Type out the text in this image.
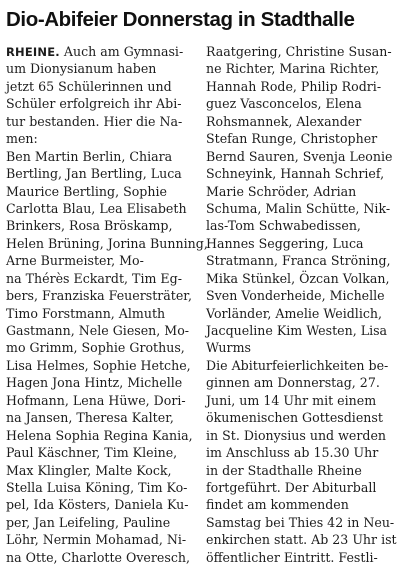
Dio-Abifeier Donnerstag in Stadthalle
RHEINE. Auch am Gymnasi-
um Dionysianum haben
jetzt 65 Schülerinnen und
Schüler erfolgreich ihr Abi-
tur bestanden. Hier die Na-
men:
Ben Martin Berlin, Chiara
Bertling, Jan Bertling, Luca
Maurice Bertling, Sophie
Carlotta Blau, Lea Elisabeth
Brinkers, Rosa Bröskamp,
Helen Brüning, Jorina Bunning,
Arne Burmeister, Mo-
na Thérès Eckardt, Tim Eg-
bers, Franziska Feuersträter,
Timo Forstmann, Almuth
Gastmann, Nele Giesen, Mo-
mo Grimm, Sophie Grothus,
Lisa Helmes, Sophie Hetche,
Hagen Jona Hintz, Michelle
Hofmann, Lena Hüwe, Dori-
na Jansen, Theresa Kalter,
Helena Sophia Regina Kania,
Paul Käschner, Tim Kleine,
Max Klingler, Malte Kock,
Stella Luisa Köning, Tim Ko-
pel, Ida Kösters, Daniela Ku-
per, Jan Leifeling, Pauline
Löhr, Nermin Mohamad, Ni-
na Otte, Charlotte Overesch,
Raatgering, Christine Susan-
ne Richter, Marina Richter,
Hannah Rode, Philip Rodri-
guez Vasconcelos, Elena
Rohsmannek, Alexander
Stefan Runge, Christopher
Bernd Sauren, Svenja Leonie
Schneyink, Hannah Schrief,
Marie Schröder, Adrian
Schuma, Malin Schütte, Nik-
las-Tom Schwabedissen,
Hannes Seggering, Luca
Stratmann, Franca Ströning,
Mika Stünkel, Özcan Volkan,
Sven Vonderheide, Michelle
Vorländer, Amelie Weidlich,
Jacqueline Kim Westen, Lisa
Wurms
Die Abiturfeierlichkeiten be-
ginnen am Donnerstag, 27.
Juni, um 14 Uhr mit einem
ökumenischen Gottesdienst
in St. Dionysius und werden
im Anschluss ab 15.30 Uhr
in der Stadthalle Rheine
fortgeführt. Der Abiturball
findet am kommenden
Samstag bei Thies 42 in Neu-
enkirchen statt. Ab 23 Uhr ist
öffentlicher Eintritt. Festli-
